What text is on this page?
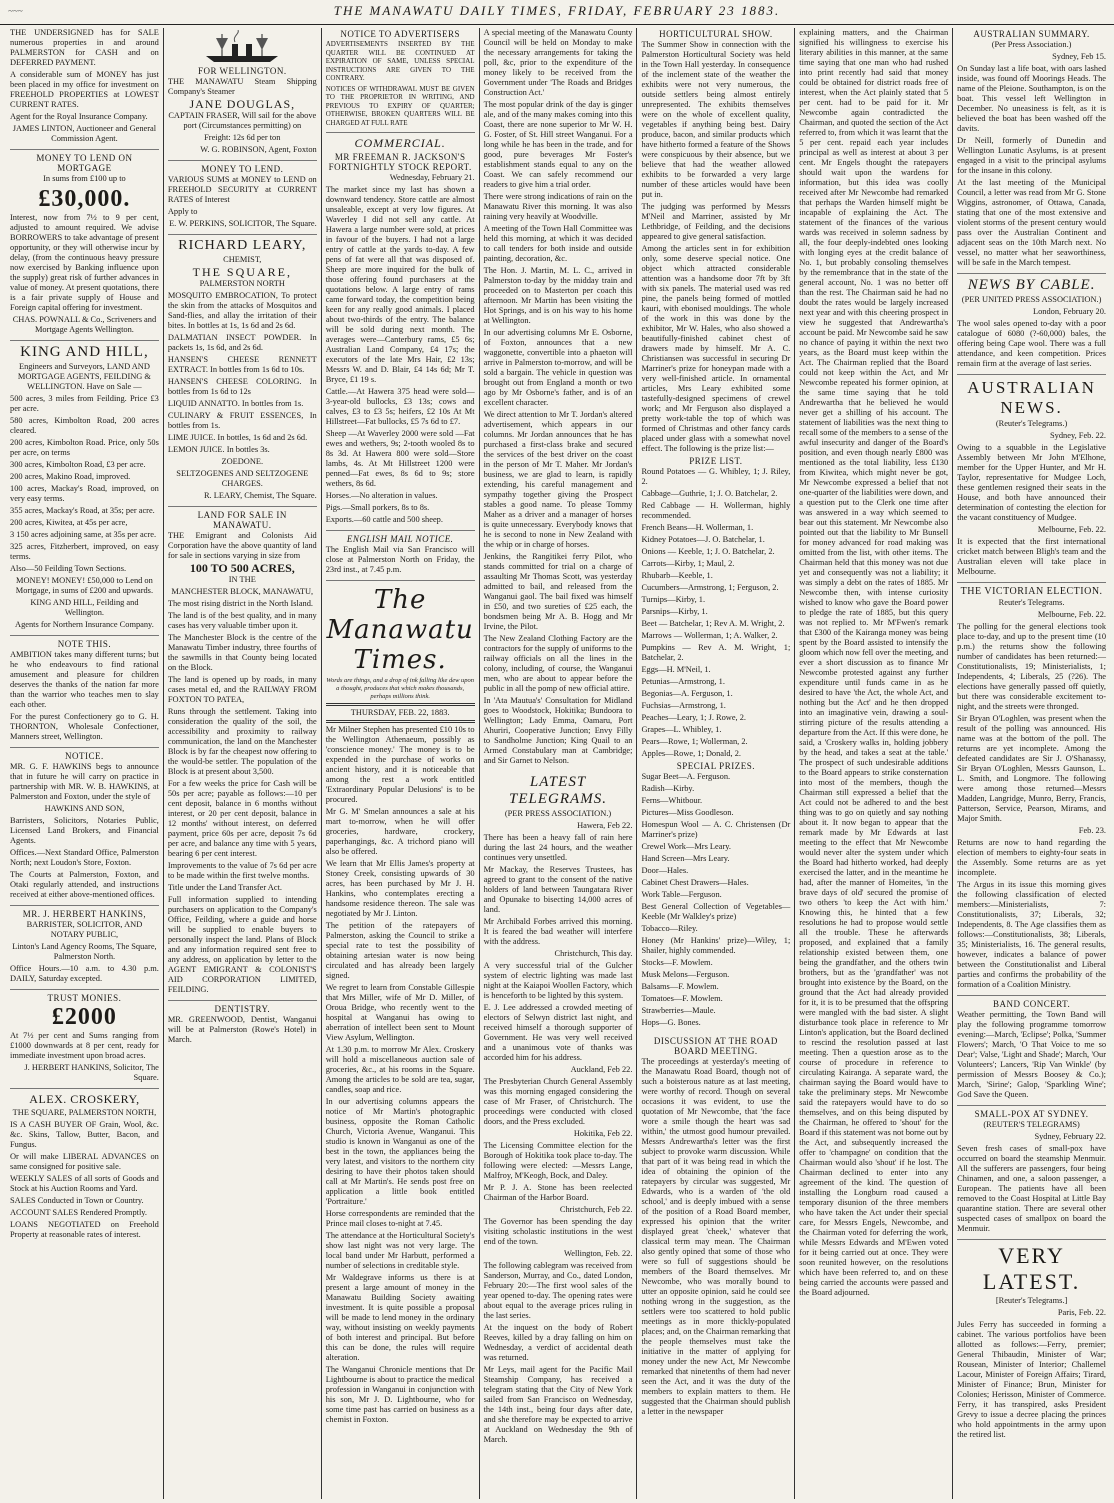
~~~	THE MANAWATU DAILY TIMES, FRIDAY, FEBRUARY 23 1883.

THE UNDERSIGNED has for SALE numerous properties in and around PALMERSTON for CASH and on DEFERRED PAYMENT.

A considerable sum of MONEY has just been placed in my office for investment on FREEHOLD PROPERTIES at LOWEST CURRENT RATES.

Agent for the Royal Insurance Company.

JAMES LINTON, Auctioneer and General Commission Agent.

MONEY TO LEND ON MORTGAGE

In sums from £100 up to

£30,000.

Interest, now from 7½ to 9 per cent, adjusted to amount required. We advise BORROWERS to take advantage of present opportunity, or they will otherwise incur by delay, (from the continuous heavy pressure now exercised by Banking influence upon the supply) great risk of further advances in value of money. At present quotations, there is a fair private supply of House and Foreign capital offering for investment.

CHAS. POWNALL & Co., Scriveners and Mortgage Agents Wellington.

KING AND HILL,

Engineers and Surveyors, LAND AND MORTGAGE AGENTS, FEILDING & WELLINGTON. Have on Sale —

500 acres, 3 miles from Feilding. Price £3 per acre.

580 acres, Kimbolton Road, 200 acres cleared.

200 acres, Kimbolton Road. Price, only 50s per acre, on terms

300 acres, Kimbolton Road, £3 per acre.

200 acres, Makino Road, improved.

100 acres, Mackay's Road, improved, on very easy terms.

355 acres, Mackay's Road, at 35s; per acre.

200 acres, Kiwitea, at 45s per acre,

3 150 acres adjoining same, at 35s per acre.

325 acres, Fitzherbert, improved, on easy terms.

Also—50 Feilding Town Sections.

MONEY! MONEY! £50,000 to Lend on Mortgage, in sums of £200 and upwards.

KING AND HILL, Feilding and Wellington.

Agents for Northern Insurance Company.

NOTE THIS.

AMBITION takes many different turns; but he who endeavours to find rational amusement and pleasure for children deserves the thanks of the nation far more than the warrior who teaches men to slay each other.

For the purest Confectionery go to G. H. THORNTON, Wholesale Confectioner, Manners street, Wellington.

NOTICE.

MR. G. F. HAWKINS begs to announce that in future he will carry on practice in partnership with MR. W. B. HAWKINS, at Palmerston and Foxton, under the style of

HAWKINS AND SON,

Barristers, Solicitors, Notaries Public, Licensed Land Brokers, and Financial Agents.

Offices.—Next Standard Office, Palmerston North; next Loudon's Store, Foxton.

The Courts at Palmerston, Foxton, and Otaki regularly attended, and instructions received at either above-mentioned offices.

MR. J. HERBERT HANKINS,

BARRISTER, SOLICITOR, AND NOTARY PUBLIC,

Linton's Land Agency Rooms, The Square, Palmerston North.

Office Hours.—10 a.m. to 4.30 p.m. DAILY, Saturday excepted.

TRUST MONIES.
£2000

At 7½ per cent and Sums ranging from £1000 downwards at 8 per cent, ready for immediate investment upon broad acres.

J. HERBERT HANKINS, Solicitor, The Square.

ALEX. CROSKERY,

THE SQUARE, PALMERSTON NORTH,

IS A CASH BUYER OF Grain, Wool, &c. &c. Skins, Tallow, Butter, Bacon, and Fungus.

Or will make LIBERAL ADVANCES on same consigned for positive sale.

WEEKLY SALES of all sorts of Goods and Stock at his Auction Rooms and Yard.

SALES Conducted in Town or Country.

ACCOUNT SALES Rendered Promptly.

LOANS NEGOTIATED on Freehold Property at reasonable rates of interest.

FOR WELLINGTON.

THE MANAWATU Steam Shipping Company's Steamer

JANE DOUGLAS,

CAPTAIN FRASER, Will sail for the above port (Circumstances permitting) on

Freight: 12s 6d per ton

W. G. ROBINSON, Agent, Foxton

MONEY TO LEND.

VARIOUS SUMS at MONEY to LEND on FREEHOLD SECURITY at CURRENT RATES of Interest

Apply to

E. W. PERKINS, SOLICITOR, The Square.

RICHARD LEARY,

CHEMIST,

THE SQUARE,

PALMERSTON NORTH

MOSQUITO EMBROCATION, To protect the skin from the attacks of Mosquitos and Sand-flies, and allay the irritation of their bites. In bottles at 1s, 1s 6d and 2s 6d.

DALMATIAN INSECT POWDER. In packets 1s, 1s 6d, and 2s 6d.

HANSEN'S CHEESE RENNETT EXTRACT. In bottles from 1s 6d to 10s.

HANSEN'S CHEESE COLORING. In bottles from 1s 6d to 12s

LIQUID ANNATTO. In bottles from 1s.

CULINARY & FRUIT ESSENCES, In bottles from 1s.

LIME JUICE. In bottles, 1s 6d and 2s 6d.

LEMON JUICE. In bottles 3s.

ZOEDONE.

SELTZOGENES AND SELTZOGENE CHARGES.

R. LEARY, Chemist, The Square.

LAND FOR SALE IN MANAWATU.

THE Emigrant and Colonists Aid Corporation have the above quantity of land for sale in sections varying in size from

100 TO 500 ACRES,

IN THE

MANCHESTER BLOCK, MANAWATU,

The most rising district in the North Island.

The land is of the best quality, and in many cases has very valuable timber upon it.

The Manchester Block is the centre of the Manawatu Timber industry, three fourths of the sawmills in that County being located on the Block.

The land is opened up by roads, in many cases metal ed, and the RAILWAY FROM FOXTON TO PATEA,

Runs through the settlement. Taking into consideration the quality of the soil, the accessibility and proximity to railway communication, the land on the Manchester Block is by far the cheapest now offering to the would-be settler. The population of the Block is at present about 3,500.

For a few weeks the price for Cash will be 50s per acre; payable as follows:—10 per cent deposit, balance in 6 months without interest, or 20 per cent deposit, balance in 12 months' without interest, on deferred payment, price 60s per acre, deposit 7s 6d per acre, and balance any time with 5 years, bearing 6 per cent interest.

Improvements to the value of 7s 6d per acre to be made within the first twelve months.

Title under the Land Transfer Act.

Full information supplied to intending purchasers on application to the Company's Office, Feilding, where a guide and horse will be supplied to enable buyers to personally inspect the land. Plans of Block and any information required sent free to any address, on application by letter to the AGENT EMIGRANT & COLONIST'S AID CORPORATION LIMITED, FEILDING.

DENTISTRY.

MR. GREENWOOD, Dentist, Wanganui will be at Palmerston (Rowe's Hotel) in March.

NOTICE TO ADVERTISERS

ADVERTISEMENTS INSERTED BY THE QUARTER WILL BE CONTINUED AT EXPIRATION OF SAME, UNLESS SPECIAL INSTRUCTIONS ARE GIVEN TO THE CONTRARY.

NOTICES OF WITHDRAWAL MUST BE GIVEN TO THE PROPRIETOR IN WRITING, AND PREVIOUS TO EXPIRY OF QUARTER; OTHERWISE, BROKEN QUARTERS WILL BE CHARGED AT FULL RATE

COMMERCIAL.
MR FREEMAN R. JACKSON'S FORTNIGHTLY STOCK REPORT.

Wednesday, February 21.

The market since my last has shown a downward tendency. Store cattle are almost unsaleable, except at very low figures. At Waverley I did not sell any cattle. At Hawera a large number were sold, at prices in favour of the buyers. I had not a large entry of cattle at the yards to-day. A few pens of fat were all that was disposed of. Sheep are more inquired for the bulk of those offering found purchasers at the quotations below. A large entry of rams came forward today, the competition being keen for any really good animals. I placed about two-thirds of the entry. The balance will be sold during next month. The averages were—Canterbury rams, £5 6s; Australian Land Company, £4 17s; the executors of the late Mrs Hair, £2 13s; Messrs W. and D. Blair, £4 14s 6d; Mr T. Bryce, £1 19 s.

Cattle.—At Hawera 375 head were sold—3-year-old bullocks, £3 13s; cows and calves, £3 to £3 5s; heifers, £2 10s At Mt Hillstreet—Fat bullocks, £5 7s 6d to £7.

Sheep —At Waverley 2000 were sold —Fat ewes and wethers, 9s; 2-tooth wooled 8s to 8s 3d. At Hawera 800 were sold—Store lambs, 4s. At Mt Hillstreet 1200 were penned—Fat ewes, 8s 6d to 9s; store wethers, 8s 6d.

Horses.—No alteration in values.

Pigs.—Small porkers, 8s to 8s.

Exports.—60 cattle and 500 sheep.

ENGLISH MAIL NOTICE.

The English Mail via San Francisco will close at Palmerston North on Friday, the 23rd inst., at 7.45 p.m.

The Manawatu Times.
Words are things, and a drop of ink falling like dew upon a thought, produces that which makes thousands, perhaps millions think.

THURSDAY, FEB. 22, 1883.

Mr Milner Stephen has presented £10 10s to the Wellington Athenaeum, possibly as 'conscience money.' The money is to be expended in the purchase of works on ancient history, and it is noticeable that among the rest a work entitled 'Extraordinary Popular Delusions' is to be procured.

Mr G. M' Smelan announces a sale at his mart to-morrow, when he will offer groceries, hardware, crockery, paperhangings, &c. A trichord piano will also be offered.

We learn that Mr Ellis James's property at Stoney Creek, consisting upwards of 30 acres, has been purchased by Mr J. H. Hankins, who contemplates erecting a handsome residence thereon. The sale was negotiated by Mr J. Linton.

The petition of the ratepayers of Palmerston, asking the Council to strike a special rate to test the possibility of obtaining artesian water is now being circulated and has already been largely signed.

We regret to learn from Constable Gillespie that Mrs Miller, wife of Mr D. Miller, of Oroua Bridge, who recently went to the hospital at Wanganui has owing to aberration of intellect been sent to Mount View Asylum, Wellington.

At 1.30 p.m. to morrow Mr Alex. Croskery will hold a miscellaneous auction sale of groceries, &c., at his rooms in the Square. Among the articles to be sold are tea, sugar, candles, soap and rice.

In our advertising columns appears the notice of Mr Martin's photographic business, opposite the Roman Catholic Church, Victoria Avenue, Wanganui. This studio is known in Wanganui as one of the best in the town, the appliances being the very latest, and visitors to the northern city desiring to have their photos taken should call at Mr Martin's. He sends post free on application a little book entitled 'Portraiture.'

Horse correspondents are reminded that the Prince mail closes to-night at 7.45.

The attendance at the Horticultural Society's show last night was not very large. The local band under Mr Harbutt, performed a number of selections in creditable style.

Mr Waldegrave informs us there is at present a large amount of money in the Manawatu Building Society awaiting investment. It is quite possible a proposal will be made to lend money in the ordinary way, without insisting on weekly payments of both interest and principal. But before this can be done, the rules will require alteration.

The Wanganui Chronicle mentions that Dr Lightbourne is about to practice the medical profession in Wanganui in conjunction with his son, Mr J. D. Lightbourne, who for some time past has carried on business as a chemist in Foxton.

A special meeting of the Manawatu County Council will be held on Monday to make the necessary arrangements for taking the poll, &c, prior to the expenditure of the money likely to be received from the Government under 'The Roads and Bridges Construction Act.'

The most popular drink of the day is ginger ale, and of the many makes coming into this Coast, there are none superior to Mr W. H. G. Foster, of St. Hill street Wanganui. For a long while he has been in the trade, and for good, pure beverages Mr Foster's establishment stands equal to any on the Coast. We can safely recommend our readers to give him a trial order.

There were strong indications of rain on the Manawatu River this morning. It was also raining very heavily at Woodville.

A meeting of the Town Hall Committee was held this morning, at which it was decided to call tenders for both inside and outside painting, decoration, &c.

The Hon. J. Martin, M. L. C., arrived in Palmerston to-day by the midday train and proceeded on to Masterton per coach this afternoon. Mr Martin has been visiting the Hot Springs, and is on his way to his home at Wellington.

In our advertising columns Mr E. Osborne, of Foxton, announces that a new waggonette, convertible into a phaeton will arrive in Palmerston to-morrow, and will be sold a bargain. The vehicle in question was brought out from England a month or two ago by Mr Osborne's father, and is of an excellent character.

We direct attention to Mr T. Jordan's altered advertisement, which appears in our columns. Mr Jordan announces that he has purchased a first-class brake and secured the services of the best driver on the coast in the person of Mr T. Maher. Mr Jordan's business, we are glad to learn, is rapidly extending, his careful management and sympathy together giving the Prospect stables a good name. To please Tommy Maher as a driver and a manager of horses is quite unnecessary. Everybody knows that he is second to none in New Zealand with the whip or in charge of horses.

Jenkins, the Rangitikei ferry Pilot, who stands committed for trial on a charge of assaulting Mr Thomas Scott, was yesterday admitted to bail, and released from the Wanganui gaol. The bail fixed was himself in £50, and two sureties of £25 each, the bondsmen being Mr A. B. Hogg and Mr Irvine, the Pilot.

The New Zealand Clothing Factory are the contractors for the supply of uniforms to the railway officials on all the lines in the colony, including, of course, the Wanganui men, who are about to appear before the public in all the pomp of new official attire.

In 'Ata Mautua's' Consultation for Midland goes to Woodstock, Hokitika; Bundoora to Wellington; Lady Emma, Oamaru, Port Ahuriri, Cooperative Junction; Envy Filly to Sandholme Junction; King Quail to an Armed Constabulary man at Cambridge; and Sir Garnet to Nelson.

LATEST TELEGRAMS.

(PER PRESS ASSOCIATION.)

Hawera, Feb 22.

There has been a heavy fall of rain here during the last 24 hours, and the weather continues very unsettled.

Mr Mackay, the Reserves Trustees, has agreed to grant to the consent of the native holders of land between Taungatara River and Opunake to bisecting 14,000 acres of land.

Mr Archibald Forbes arrived this morning. It is feared the bad weather will interfere with the address.

Christchurch, This day.

A very successful trial of the Gulcher system of electric lighting was made last night at the Kaiapoi Woollen Factory, which is henceforth to be lighted by this system.

E. J. Lee addressed a crowded meeting of electors of Selwyn district last night, and received himself a thorough supporter of Government. He was very well received and a unanimous vote of thanks was accorded him for his address.

Auckland, Feb 22.

The Presbyterian Church General Assembly was this morning engaged considering the case of Mr Fraser, of Christchurch. The proceedings were conducted with closed doors, and the Press excluded.

Hokitika, Feb 22.

The Licensing Committee election for the Borough of Hokitika took place to-day. The following were elected: —Messrs Lange, Malfroy, M'Keogh, Bock, and Daley.

Mr P. J. A. Stone has been reelected Chairman of the Harbor Board.

Christchurch, Feb 22.

The Governor has been spending the day visiting scholastic institutions in the west end of the town.

Wellington, Feb. 22.

The following cablegram was received from Sanderson, Murray, and Co., dated London, February 20:—The first wool sales of the year opened to-day. The opening rates were about equal to the average prices ruling in the last series.

At the inquest on the body of Robert Reeves, killed by a dray falling on him on Wednesday, a verdict of accidental death was returned.

Mr Leys, mail agent for the Pacific Mail Steamship Company, has received a telegram stating that the City of New York sailed from San Francisco on Wednesday, the 14th inst., being four days after date, and she therefore may be expected to arrive at Auckland on Wednesday the 9th of March.

HORTICULTURAL SHOW.

The Summer Show in connection with the Palmerston Horticultural Society was held in the Town Hall yesterday. In consequence of the inclement state of the weather the exhibits were not very numerous, the outside settlers being almost entirely unrepresented. The exhibits themselves were on the whole of excellent quality, vegetables if anything being best. Dairy produce, bacon, and similar products which have hitherto formed a feature of the Shows were conspicuous by their absence, but we believe that had the weather allowed exhibits to be forwarded a very large number of these articles would have been put in.

The judging was performed by Messrs M'Neil and Marriner, assisted by Mr Lethbridge, of Feilding, and the decisions appeared to give general satisfaction.

Among the articles sent in for exhibition only, some deserve special notice. One object which attracted considerable attention was a handsome door 7ft by 3ft with six panels. The material used was red pine, the panels being formed of mottled kauri, with ebonised mouldings. The whole of the work in this was done by the exhibitor, Mr W. Hales, who also showed a beautifully-finished cabinet chest of drawers made by himself. Mr A. C. Christiansen was successful in securing Dr Marriner's prize for honeypan made with a very well-finished article. In ornamental articles, Mrs Leary exhibited some tastefully-designed specimens of crewel work; and Mr Ferguson also displayed a pretty work-table the top of which was formed of Christmas and other fancy cards placed under glass with a somewhat novel effect. The following is the prize list:—

PRIZE LIST.

Round Potatoes — G. Whibley, 1; J. Riley, 2.

Cabbage—Guthrie, 1; J. O. Batchelar, 2.

Red Cabbage — H. Wollerman, highly recommended.

French Beans—H. Wollerman, 1.

Kidney Potatoes—J. O. Batchelar, 1.

Onions — Keeble, 1; J. O. Batchelar, 2.

Carrots—Kirby, 1; Maul, 2.

Rhubarb—Keeble, 1.

Cucumbers—Armstrong, 1; Ferguson, 2.

Turnips—Kirby, 1.

Parsnips—Kirby, 1.

Beet — Batchelar, 1; Rev A. M. Wright, 2.

Marrows — Wollerman, 1; A. Walker, 2.

Pumpkins — Rev A. M. Wright, 1; Batchelar, 2.

Eggs—H. M'Neil, 1.

Petunias—Armstrong, 1.

Begonias—A. Ferguson, 1.

Fuchsias—Armstrong, 1.

Peaches—Leary, 1; J. Rowe, 2.

Grapes—L. Whibley, 1.

Pears—Rowe, 1; Wollerman, 2.

Apples—Rowe, 1; Donald, 2.

SPECIAL PRIZES.

Sugar Beet—A. Ferguson.

Radish—Kirby.

Ferns—Whitbour.

Pictures—Miss Goodleson.

Homespun Wool — A. C. Christensen (Dr Marriner's prize)

Crewel Work—Mrs Leary.

Hand Screen—Mrs Leary.

Door—Hales.

Cabinet Chest Drawers—Hales.

Work Table—Ferguson.

Best General Collection of Vegetables—Keeble (Mr Walkley's prize)

Tobacco—Riley.

Honey (Mr Hankins' prize)—Wiley, 1; Shailer, highly commended.

Stocks—F. Mowlem.

Musk Melons—Ferguson.

Balsams—F. Mowlem.

Tomatoes—F. Mowlem.

Strawberries—Maule.

Hops—G. Bones.

DISCUSSION AT THE ROAD BOARD MEETING.

The proceedings at yesterday's meeting of the Manawatu Road Board, though not of such a boisterous nature as at last meeting, were worthy of record. Though on several occasions it was evident, to use the quotation of Mr Newcombe, that 'the face wore a smile though the heart was sad within,' the utmost good humour prevailed. Messrs Andrewartha's letter was the first subject to provoke warm discussion. While that part of it was being read in which the idea of obtaining the opinion of the ratepayers by circular was suggested, Mr Edwards, who is a warden of 'the old school,' and is deeply imbued with a sense of the position of a Road Board member, expressed his opinion that the writer displayed great 'cheek,' whatever that classical term may mean. The Chairman also gently opined that some of those who were so full of suggestions should be members of the Board themselves. Mr Newcombe, who was morally bound to utter an opposite opinion, said he could see nothing wrong in the suggestion, as the settlers were too scattered to hold public meetings as in more thickly-populated places; and, on the Chairman remarking that the people themselves must take the initiative in the matter of applying for money under the new Act, Mr Newcombe remarked that ninetenths of them had never seen the Act, and it was the duty of the members to explain matters to them. He suggested that the Chairman should publish a letter in the newspaper

explaining matters, and the Chairman signified his willingness to exercise his literary abilities in this manner, at the same time saying that one man who had rushed into print recently had said that money could be obtained for district roads free of interest, when the Act plainly stated that 5 per cent. had to be paid for it. Mr Newcombe again contradicted the Chairman, and quoted the section of the Act referred to, from which it was learnt that the 5 per cent. repaid each year includes principal as well as interest at about 3 per cent. Mr Engels thought the ratepayers should wait upon the wardens for information, but this idea was coolly received after Mr Newcombe had remarked that perhaps the Warden himself might be incapable of explaining the Act. The statement of the finances of the various wards was received in solemn sadness by all, the four deeply-indebted ones looking with longing eyes at the credit balance of No. 1, but probably consoling themselves by the remembrance that in the state of the general account, No. 1 was no better off than the rest. The Chairman said he had no doubt the rates would be largely increased next year and with this cheering prospect in view he suggested that Andrewartha's account be paid. Mr Newcombe said he saw no chance of paying it within the next two years, as the Board must keep within the Act. The Chairman replied that the Board could not keep within the Act, and Mr Newcombe repeated his former opinion, at the same time saying that he told Andrewartha that he believed he would never get a shilling of his account. The statement of liabilities was the next thing to recall some of the members to a sense of the awful insecurity and danger of the Board's position, and even though nearly £800 was mentioned as the total liability, less £130 from Kiwitea, which might never be got, Mr Newcombe expressed a belief that not one-quarter of the liabilities were down, and a question put to the Clerk one time after was answered in a way which seemed to bear out this statement. Mr Newcombe also pointed out that the liability to Mr Bunsell for money advanced for road making was omitted from the list, with other items. The Chairman held that this money was not due yet and consequently was not a liability; it was simply a debt on the rates of 1885. Mr Newcombe then, with intense curiosity wished to know who gave the Board power to pledge the rate of 1885, but this query was not replied to. Mr M'Fwen's remark that £300 of the Kairanga money was being spent by the Board assisted to intensify the gloom which now fell over the meeting, and ever a short discussion as to finance Mr Newcombe protested against any further expenditure until funds came in as he desired to have 'the Act, the whole Act, and nothing but the Act' and he then dropped into an imaginative vein, drawing a soul-stirring picture of the results attending a departure from the Act. If this were done, he said, a 'Croskery walks in, holding jobbery by the head, and takes a seat at the table.' The prospect of such undesirable additions to the Board appears to strike consternation into most of the members, though the Chairman still expressed a belief that the Act could not be adhered to and the best thing was to go on quietly and say nothing about it. It now began to appear that the remark made by Mr Edwards at last meeting to the effect that Mr Newcombe would never alter the system under which the Board had hitherto worked, had deeply exercised the latter, and in the meantime he had, after the manner of Homeites, 'in the brave days of old' secured the promise of two others 'to keep the Act with him.' Knowing this, he hinted that a few resolutions he had to propose would settle all the trouble. These he afterwards proposed, and explained that a family relationship existed between them, one being the grandfather, and the others twin brothers, but as the 'grandfather' was not brought into existence by the Board, on the ground that the Act had already provided for it, it is to be presumed that the offspring were mangled with the bad sister. A slight disturbance took place in reference to Mr Linton's application, but the Board declined to rescind the resolution passed at last meeting. Then a question arose as to the course of procedure in reference to circulating Kairanga. A separate ward, the chairman saying the Board would have to take the preliminary steps. Mr Newcombe said the ratepayers would have to do so themselves, and on this being disputed by the Chairman, he offered to 'shout' for the Board if this statement was not borne out by the Act, and subsequently increased the offer to 'champagne' on condition that the Chairman would also 'shout' if he lost. The Chairman declined to enter into any agreement of the kind. The question of installing the Longburn road caused a temporary disunion of the three members who have taken the Act under their special care, for Messrs Engels, Newcombe, and the Chairman voted for deferring the work, while Messrs Edwards and M'Ewen voted for it being carried out at once. They were soon reunited however, on the resolutions which have been referred to, and on these being carried the accounts were passed and the Board adjourned.

AUSTRALIAN SUMMARY.

(Per Press Association.)

Sydney, Feb 15.

On Sunday last a life boat, with oars lashed inside, was found off Moorings Heads. The name of the Pleione. Southampton, is on the boat. This vessel left Wellington in December. No uneasiness is felt, as it is believed the boat has been washed off the davits.

Dr Neill, formerly of Dunedin and Wellington Lunatic Asylums, is at present engaged in a visit to the principal asylums for the insane in this colony.

At the last meeting of the Municipal Council, a letter was read from Mr G. Stone Wiggins, astronomer, of Ottawa, Canada, stating that one of the most extensive and violent storms of the present century would pass over the Australian Continent and adjacent seas on the 10th March next. No vessel, no matter what her seaworthiness, will be safe in the March tempest.

NEWS BY CABLE.

(PER UNITED PRESS ASSOCIATION.)

London, February 20.

The wool sales opened to-day with a poor catalogue of 6080 (?-60,000) bales, the offering being Cape wool. There was a full attendance, and keen competition. Prices remain firm at the average of last series.

AUSTRALIAN NEWS.

(Reuter's Telegrams.)

Sydney, Feb. 22.

Owing to a squabble in the Legislative Assembly between Mr John M'Elhone, member for the Upper Hunter, and Mr H. Taylor, representative for Mudgee Loch, these gentlemen resigned their seats in the House, and both have announced their determination of contesting the election for the vacant constituency of Mudgee.

Melbourne, Feb. 22.

It is expected that the first international cricket match between Bligh's team and the Australian eleven will take place in Melbourne.

THE VICTORIAN ELECTION.

Reuter's Telegrams.

Melbourne, Feb. 22.

The polling for the general elections took place to-day, and up to the present time (10 p.m.) the returns show the following number of candidates has been returned:—Constitutionalists, 19; Ministerialists, 1; Independents, 4; Liberals, 25 (?26). The elections have generally passed off quietly, but there was considerable excitement to-night, and the streets were thronged.

Sir Bryan O'Loghlen, was present when the result of the polling was announced. His name was at the bottom of the poll. The returns are yet incomplete. Among the defeated candidates are Sir J. O'Shanassy, Sir Bryan O'Loghlen, Messrs Gaunson, L. L. Smith, and Longmore. The following were among those returned—Messrs Madden, Langridge, Munro, Berry, Francis, Patterson, Service, Pearson, Mirams, and Major Smith.

Feb. 23.

Returns are now to hand regarding the election of members to eighty-four seats in the Assembly. Some returns are as yet incomplete.

The Argus in its issue this morning gives the following classification of elected members:—Ministerialists, 7: Constitutionalists, 37; Liberals, 32; Independents, 8. The Age classifies them as follows:—Constitutionalists, 38; Liberals, 35; Ministerialists, 16. The general results, however, indicates a balance of power between the Constitutionalist and Liberal parties and confirms the probability of the formation of a Coalition Ministry.

BAND CONCERT.

Weather permitting, the Town Band will play the following programme tomorrow evening:—March, 'Eclipse'; Polka, 'Summer Flowers'; March, 'O That Voice to me so Dear'; Valse, 'Light and Shade'; March, 'Our Volunteers'; Lancers, 'Rip Van Winkle' (by permission of Messrs Boosey & Co.); March, 'Sirine'; Galop, 'Sparkling Wine'; God Save the Queen.

SMALL-POX AT SYDNEY.

(REUTER'S TELEGRAMS)

Sydney, February 22.

Seven fresh cases of small-pox have occurred on board the steamship Menmuir. All the sufferers are passengers, four being Chinamen, and one, a saloon passenger, a European. The patients have all been removed to the Coast Hospital at Little Bay quarantine station. There are several other suspected cases of smallpox on board the Menmuir.

VERY LATEST.

[Reuter's Telegrams.]

Paris, Feb. 22.

Jules Ferry has succeeded in forming a cabinet. The various portfolios have been allotted as follows:—Ferry, premier; General Thibaudin, Minister of War; Rousean, Minister of Interior; Challemel Lacour, Minister of Foreign Affairs; Tirard, Minister of Finance; Brun, Minister for Colonies; Herisson, Minister of Commerce. Ferry, it has transpired, asks President Grevy to issue a decree placing the princes who hold appointments in the army upon the retired list.
